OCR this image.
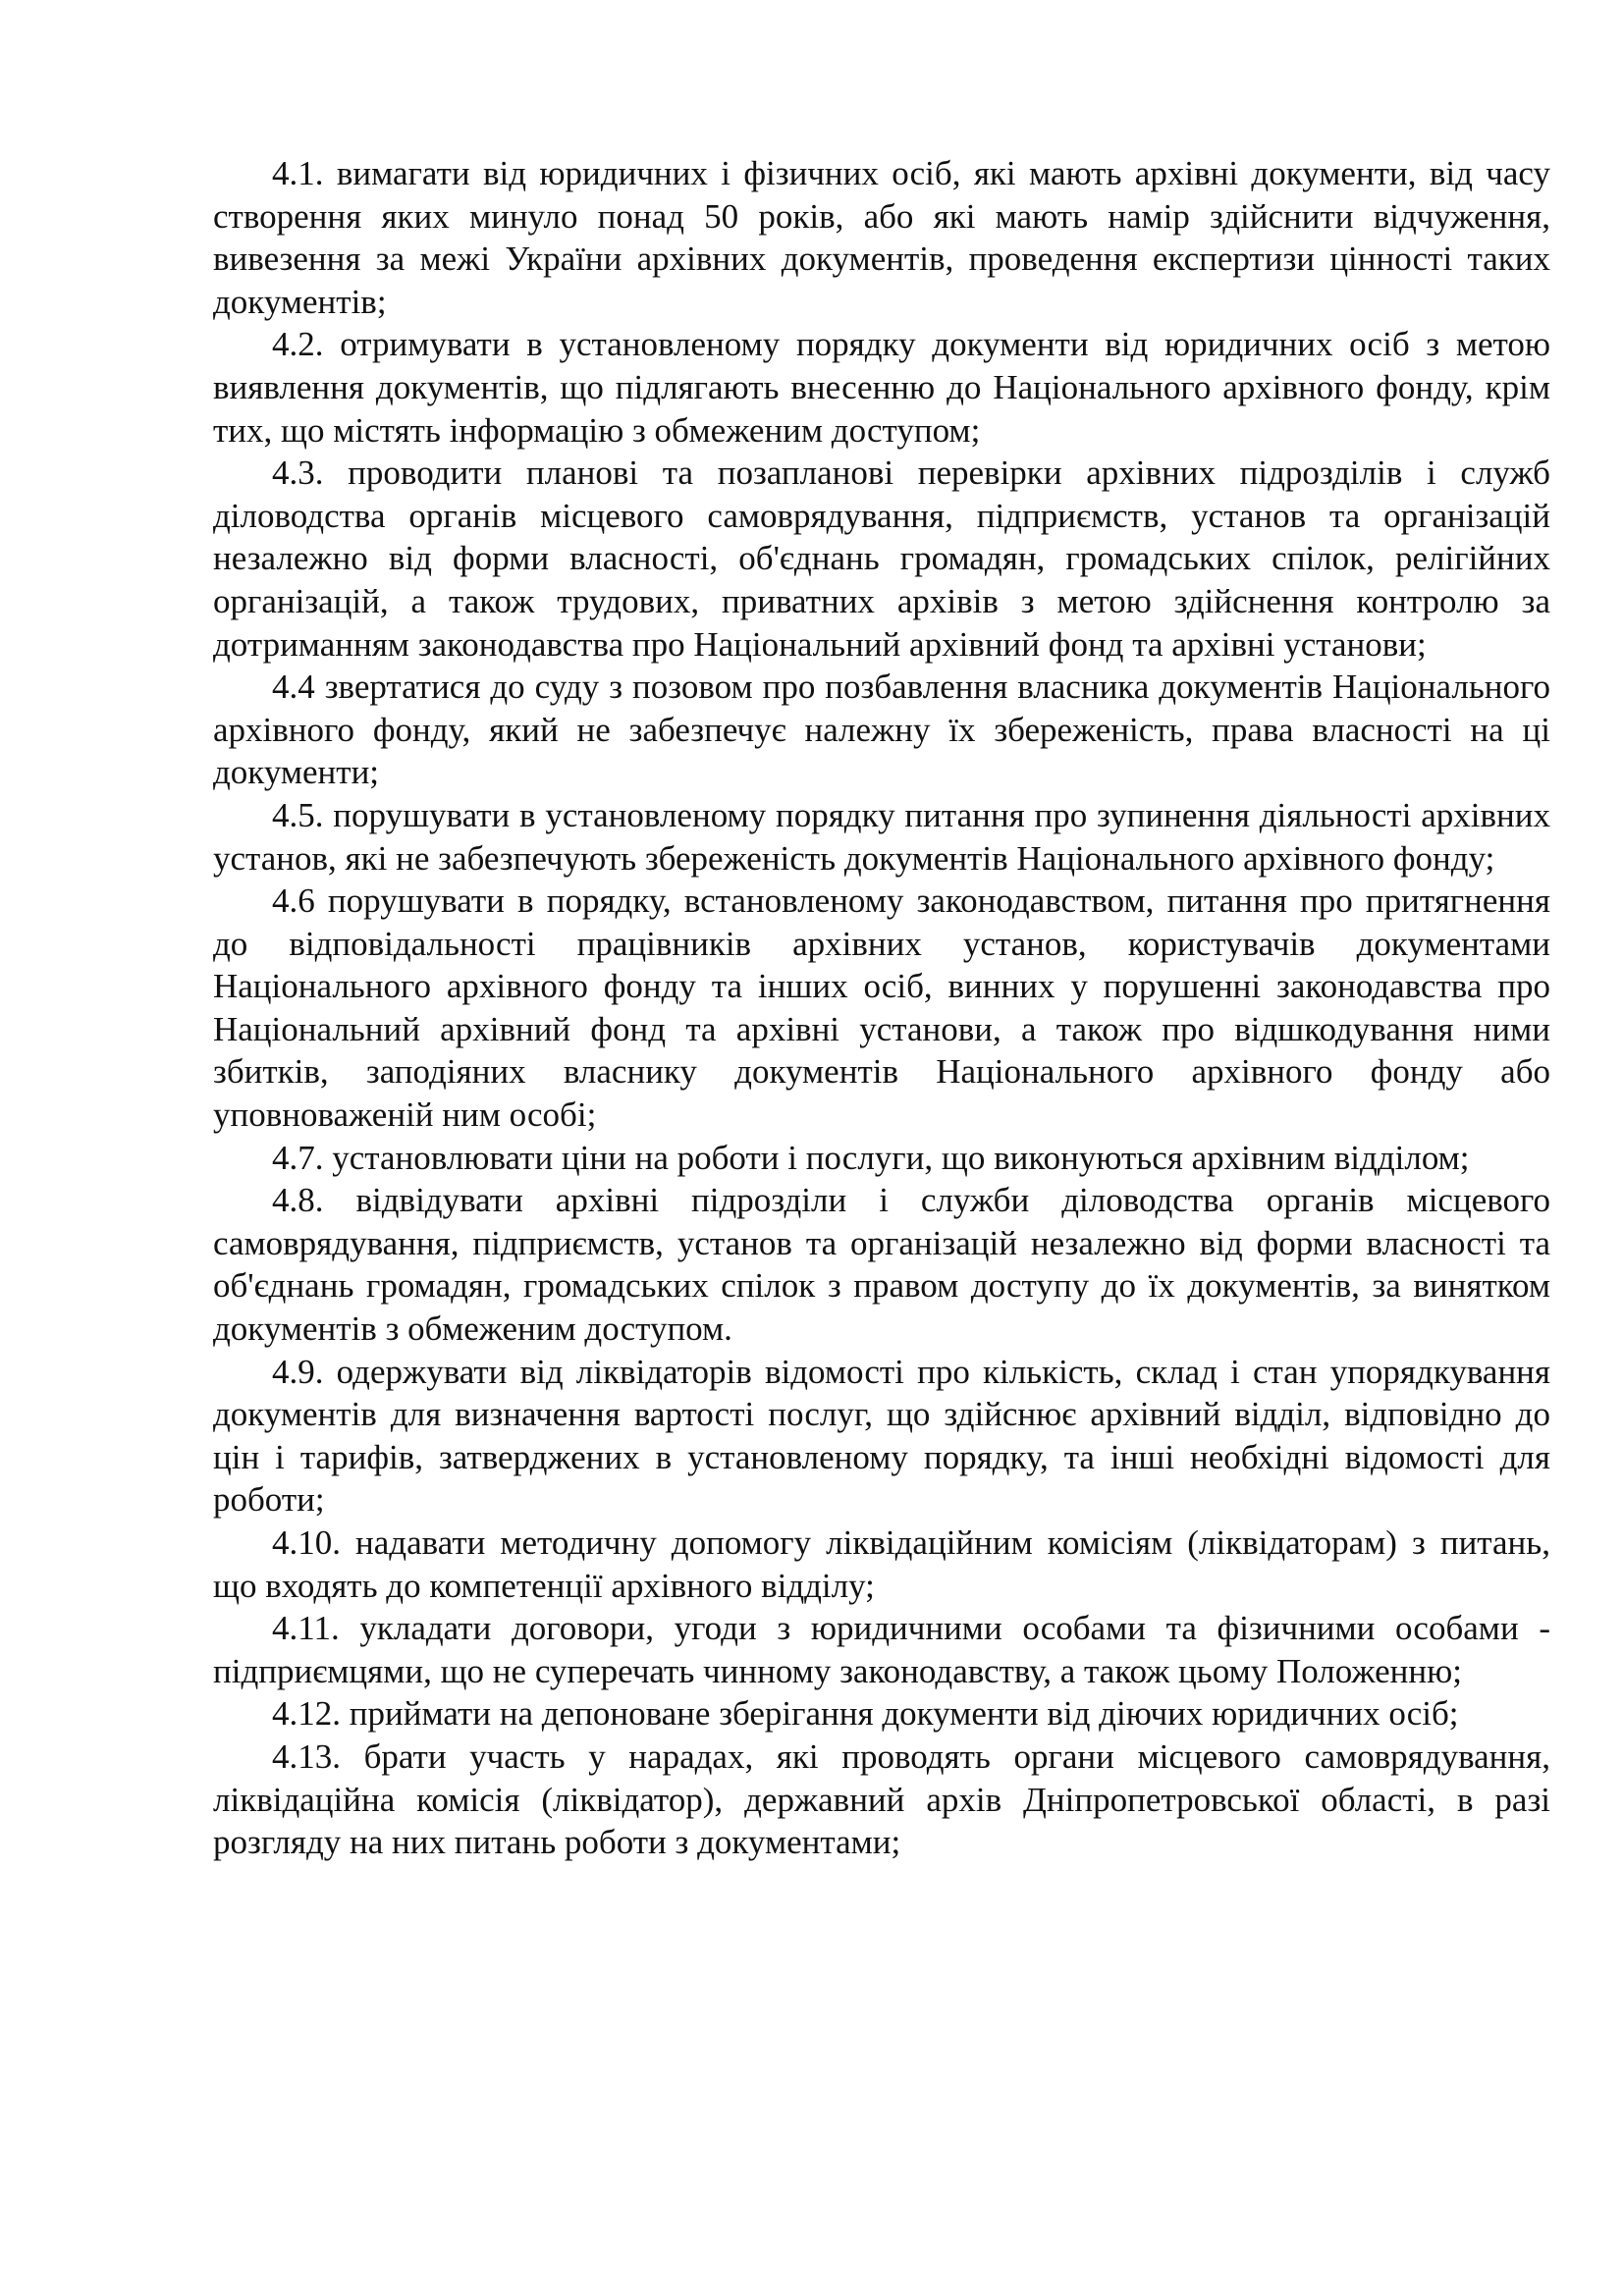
4.1. вимагати від юридичних і фізичних осіб, які мають архівні документи, від часу створення яких минуло понад 50 років, або які мають намір здійснити відчуження, вивезення за межі України архівних документів, проведення експертизи цінності таких документів;

4.2. отримувати в установленому порядку документи від юридичних осіб з метою виявлення документів, що підлягають внесенню до Національного архівного фонду, крім тих, що містять інформацію з обмеженим доступом;

4.3. проводити планові та позапланові перевірки архівних підрозділів і служб діловодства органів місцевого самоврядування, підприємств, установ та організацій незалежно від форми власності, об'єднань громадян, громадських спілок, релігійних організацій, а також трудових, приватних архівів з метою здійснення контролю за дотриманням законодавства про Національний архівний фонд та архівні установи;

4.4 звертатися до суду з позовом про позбавлення власника документів Національного архівного фонду, який не забезпечує належну їх збереженість, права власності на ці документи;

4.5. порушувати в установленому порядку питання про зупинення діяльності архівних установ, які не забезпечують збереженість документів Національного архівного фонду;

4.6 порушувати в порядку, встановленому законодавством, питання про притягнення до відповідальності працівників архівних установ, користувачів документами Національного архівного фонду та інших осіб, винних у порушенні законодавства про Національний архівний фонд та архівні установи, а також про відшкодування ними збитків, заподіяних власнику документів Національного архівного фонду або уповноваженій ним особі;

4.7. установлювати ціни на роботи і послуги, що виконуються архівним відділом;

4.8. відвідувати архівні підрозділи і служби діловодства органів місцевого самоврядування, підприємств, установ та організацій незалежно від форми власності та об'єднань громадян, громадських спілок з правом доступу до їх документів, за винятком документів з обмеженим доступом.

4.9. одержувати від ліквідаторів відомості про кількість, склад і стан упорядкування документів для визначення вартості послуг, що здійснює архівний відділ, відповідно до цін і тарифів, затверджених в установленому порядку, та інші необхідні відомості для роботи;

4.10. надавати методичну допомогу ліквідаційним комісіям (ліквідаторам) з питань, що входять до компетенції архівного відділу;

4.11. укладати договори, угоди з юридичними особами та фізичними особами - підприємцями, що не суперечать чинному законодавству, а також цьому Положенню;

4.12. приймати на депоноване зберігання документи від діючих юридичних осіб;

4.13. брати участь у нарадах, які проводять органи місцевого самоврядування, ліквідаційна комісія (ліквідатор), державний архів Дніпропетровської області, в разі розгляду на них питань роботи з документами;
